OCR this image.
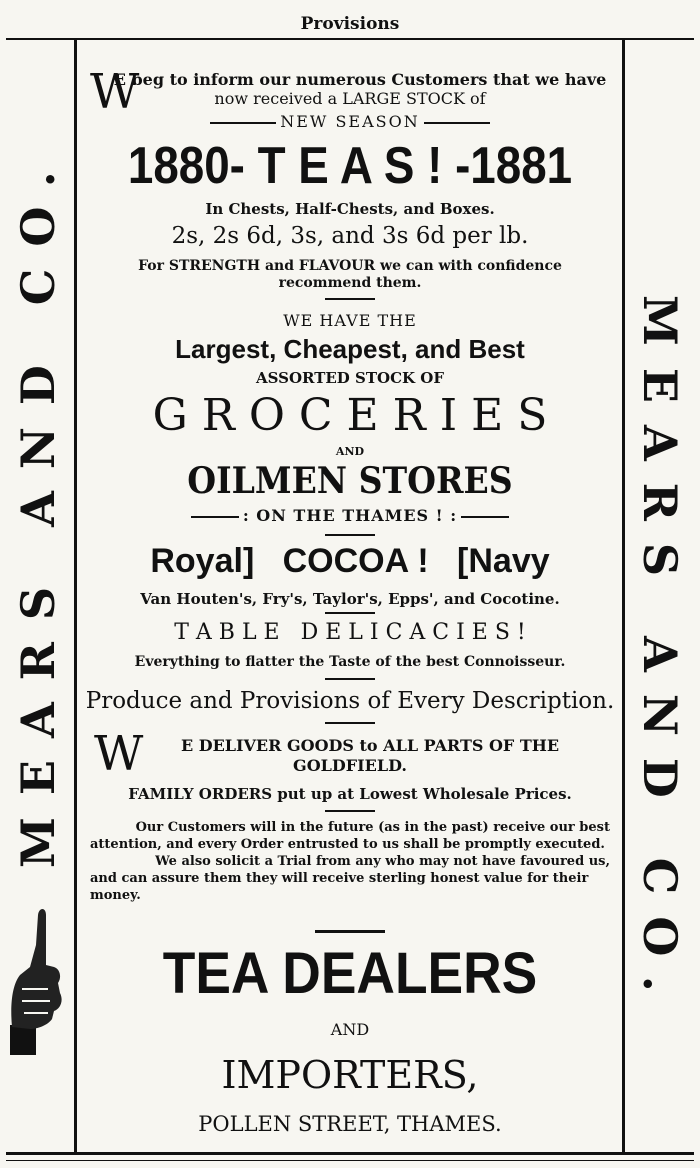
Provisions
MEARS AND CO.	MEARS AND CO.
W
E beg to inform our numerous Customers that we have
now received a LARGE STOCK of
NEW SEASON
1880- T E A S ! -1881
In Chests, Half-Chests, and Boxes.
2s, 2s 6d, 3s, and 3s 6d per lb.
For STRENGTH and FLAVOUR we can with confidence
recommend them.
WE HAVE THE
Largest, Cheapest, and Best
ASSORTED STOCK OF
G R O C E R I E S
AND
OILMEN STORES
: ON THE THAMES ! :
Royal] COCOA ! [Navy
Van Houten's, Fry's, Taylor's, Epps', and Cocotine.
T A B L E   D E L I C A C I E S !
Everything to flatter the Taste of the best Connoisseur.
Produce and Provisions of Every Description.
W	E DELIVER GOODS to ALL PARTS OF THE
GOLDFIELD.
FAMILY ORDERS put up at Lowest Wholesale Prices.
Our Customers will in the future (as in the past) receive our best
attention, and every Order entrusted to us shall be promptly executed.
We also solicit a Trial from any who may not have favoured us,
and can assure them they will receive sterling honest value for their
money.
TEA DEALERS
AND
IMPORTERS,
POLLEN STREET, THAMES.
